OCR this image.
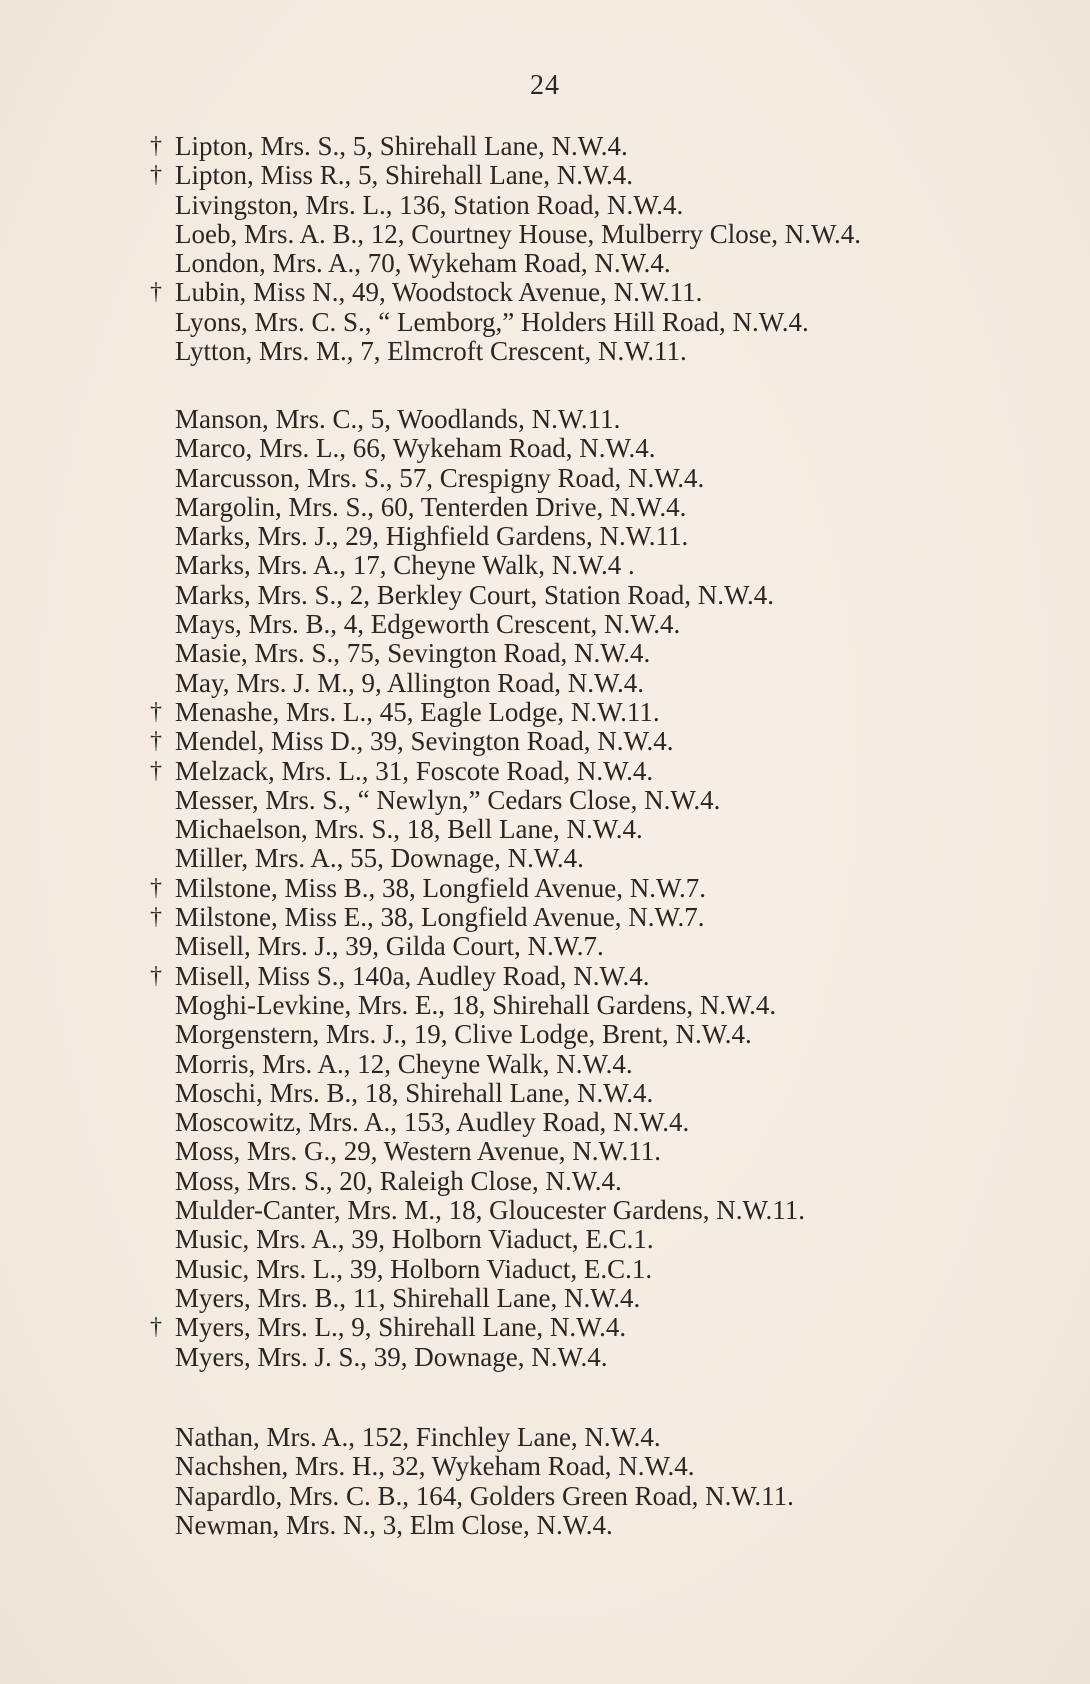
24
† Lipton, Mrs. S., 5, Shirehall Lane, N.W.4.
† Lipton, Miss R., 5, Shirehall Lane, N.W.4.
Livingston, Mrs. L., 136, Station Road, N.W.4.
Loeb, Mrs. A. B., 12, Courtney House, Mulberry Close, N.W.4.
London, Mrs. A., 70, Wykeham Road, N.W.4.
† Lubin, Miss N., 49, Woodstock Avenue, N.W.11.
Lyons, Mrs. C. S., “ Lemborg,” Holders Hill Road, N.W.4.
Lytton, Mrs. M., 7, Elmcroft Crescent, N.W.11.
Manson, Mrs. C., 5, Woodlands, N.W.11.
Marco, Mrs. L., 66, Wykeham Road, N.W.4.
Marcusson, Mrs. S., 57, Crespigny Road, N.W.4.
Margolin, Mrs. S., 60, Tenterden Drive, N.W.4.
Marks, Mrs. J., 29, Highfield Gardens, N.W.11.
Marks, Mrs. A., 17, Cheyne Walk, N.W.4 .
Marks, Mrs. S., 2, Berkley Court, Station Road, N.W.4.
Mays, Mrs. B., 4, Edgeworth Crescent, N.W.4.
Masie, Mrs. S., 75, Sevington Road, N.W.4.
May, Mrs. J. M., 9, Allington Road, N.W.4.
† Menashe, Mrs. L., 45, Eagle Lodge, N.W.11.
† Mendel, Miss D., 39, Sevington Road, N.W.4.
† Melzack, Mrs. L., 31, Foscote Road, N.W.4.
Messer, Mrs. S., “ Newlyn,” Cedars Close, N.W.4.
Michaelson, Mrs. S., 18, Bell Lane, N.W.4.
Miller, Mrs. A., 55, Downage, N.W.4.
† Milstone, Miss B., 38, Longfield Avenue, N.W.7.
† Milstone, Miss E., 38, Longfield Avenue, N.W.7.
Misell, Mrs. J., 39, Gilda Court, N.W.7.
† Misell, Miss S., 140a, Audley Road, N.W.4.
Moghi-Levkine, Mrs. E., 18, Shirehall Gardens, N.W.4.
Morgenstern, Mrs. J., 19, Clive Lodge, Brent, N.W.4.
Morris, Mrs. A., 12, Cheyne Walk, N.W.4.
Moschi, Mrs. B., 18, Shirehall Lane, N.W.4.
Moscowitz, Mrs. A., 153, Audley Road, N.W.4.
Moss, Mrs. G., 29, Western Avenue, N.W.11.
Moss, Mrs. S., 20, Raleigh Close, N.W.4.
Mulder-Canter, Mrs. M., 18, Gloucester Gardens, N.W.11.
Music, Mrs. A., 39, Holborn Viaduct, E.C.1.
Music, Mrs. L., 39, Holborn Viaduct, E.C.1.
Myers, Mrs. B., 11, Shirehall Lane, N.W.4.
† Myers, Mrs. L., 9, Shirehall Lane, N.W.4.
Myers, Mrs. J. S., 39, Downage, N.W.4.
Nathan, Mrs. A., 152, Finchley Lane, N.W.4.
Nachshen, Mrs. H., 32, Wykeham Road, N.W.4.
Napardlo, Mrs. C. B., 164, Golders Green Road, N.W.11.
Newman, Mrs. N., 3, Elm Close, N.W.4.
